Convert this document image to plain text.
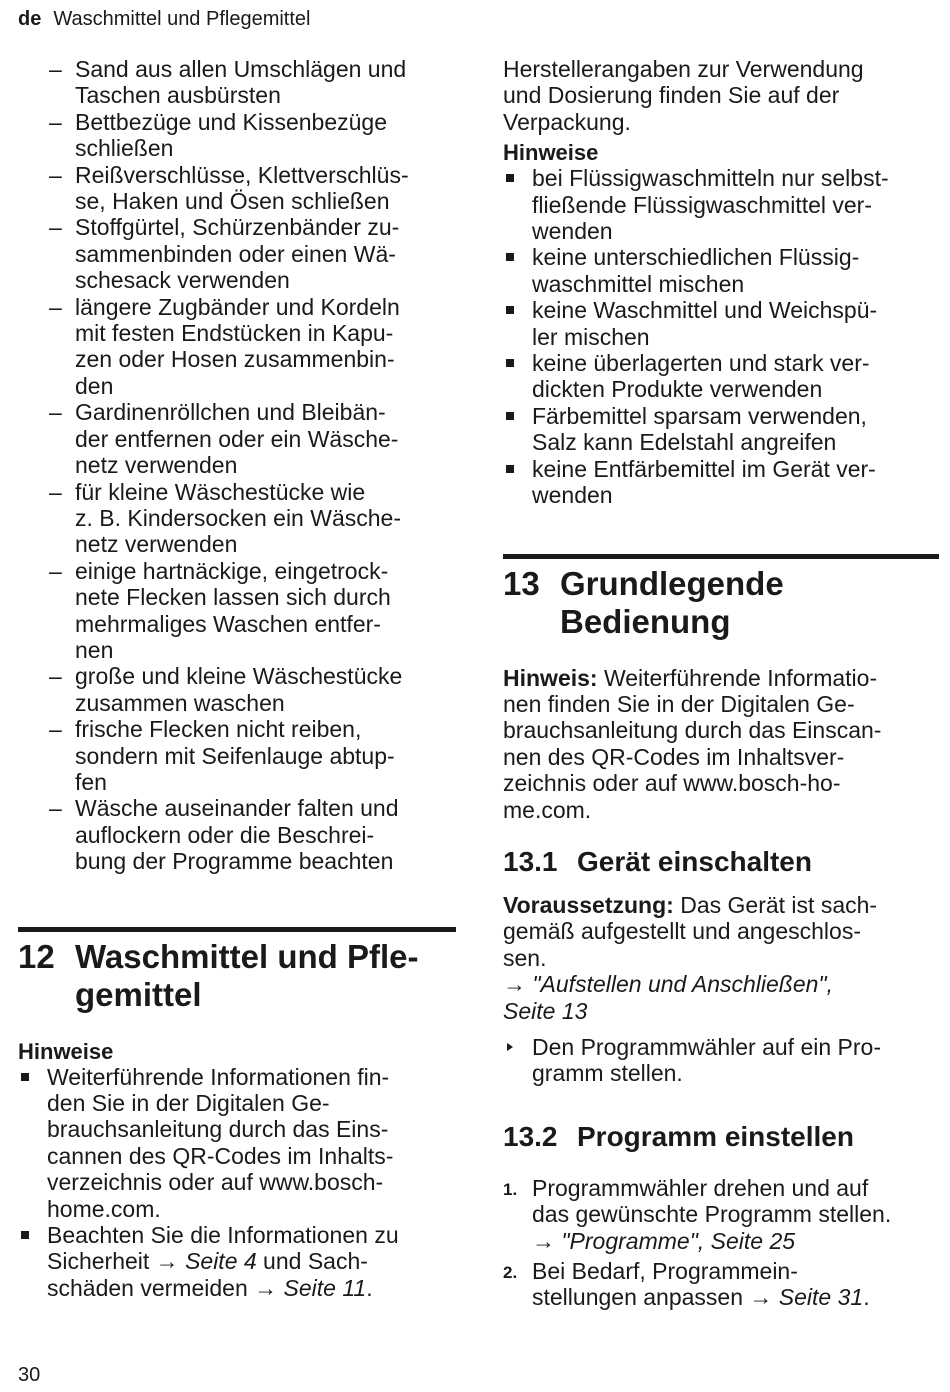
de Waschmittel und Pflegemittel
– Sand aus allen Umschlägen und
Taschen ausbürsten
– Bettbezüge und Kissenbezüge
schließen
– Reißverschlüsse, Klettverschlüs-
se, Haken und Ösen schließen
– Stoffgürtel, Schürzenbänder zu-
sammenbinden oder einen Wä-
schesack verwenden
– längere Zugbänder und Kordeln
mit festen Endstücken in Kapu-
zen oder Hosen zusammenbin-
den
– Gardinenröllchen und Bleibän-
der entfernen oder ein Wäsche-
netz verwenden
– für kleine Wäschestücke wie
z. B. Kindersocken ein Wäsche-
netz verwenden
– einige hartnäckige, eingetrock-
nete Flecken lassen sich durch
mehrmaliges Waschen entfer-
nen
– große und kleine Wäschestücke
zusammen waschen
– frische Flecken nicht reiben,
sondern mit Seifenlauge abtup-
fen
– Wäsche auseinander falten und
auflockern oder die Beschrei-
bung der Programme beachten
12 Waschmittel und Pfle-
gemittel
Hinweise
Weiterführende Informationen fin-
den Sie in der Digitalen Ge-
brauchsanleitung durch das Eins-
cannen des QR-Codes im Inhalts-
verzeichnis oder auf www.bosch-
home.com.
Beachten Sie die Informationen zu
Sicherheit → Seite 4 und Sach-
schäden vermeiden → Seite 11.

Herstellerangaben zur Verwendung
und Dosierung finden Sie auf der
Verpackung.

Hinweise
bei Flüssigwaschmitteln nur selbst-
fließende Flüssigwaschmittel ver-
wenden
keine unterschiedlichen Flüssig-
waschmittel mischen
keine Waschmittel und Weichspü-
ler mischen
keine überlagerten und stark ver-
dickten Produkte verwenden
Färbemittel sparsam verwenden,
Salz kann Edelstahl angreifen
keine Entfärbemittel im Gerät ver-
wenden
13 Grundlegende
Bedienung

Hinweis: Weiterführende Informatio-
nen finden Sie in der Digitalen Ge-
brauchsanleitung durch das Einscan-
nen des QR-Codes im Inhaltsver-
zeichnis oder auf www.bosch-ho-
me.com.

13.1 Gerät einschalten

Voraussetzung: Das Gerät ist sach-
gemäß aufgestellt und angeschlos-
sen.
→ "Aufstellen und Anschließen",
Seite 13

Den Programmwähler auf ein Pro-
gramm stellen.
13.2 Programm einstellen
1. Programmwähler drehen und auf
das gewünschte Programm stellen.
→ "Programme", Seite 25
2. Bei Bedarf, Programmein-
stellungen anpassen → Seite 31.
30
